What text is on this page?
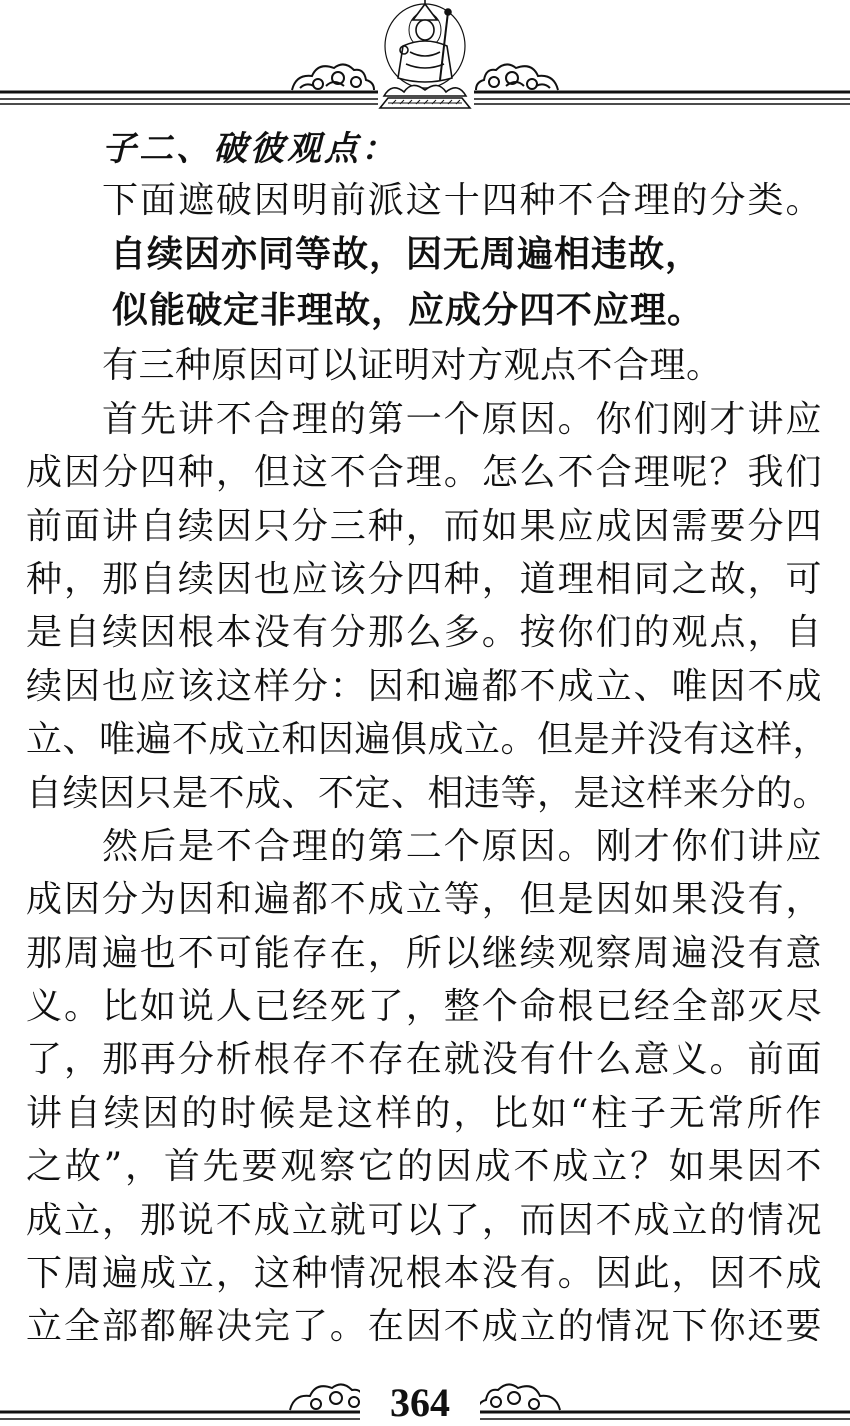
子二、破彼观点：
下面遮破因明前派这十四种不合理的分类。
自续因亦同等故，因无周遍相违故，
似能破定非理故，应成分四不应理。
有三种原因可以证明对方观点不合理。
首先讲不合理的第一个原因。你们刚才讲应
成因分四种，但这不合理。怎么不合理呢？我们
前面讲自续因只分三种，而如果应成因需要分四
种，那自续因也应该分四种，道理相同之故，可
是自续因根本没有分那么多。按你们的观点，自
续因也应该这样分：因和遍都不成立、唯因不成
立、唯遍不成立和因遍俱成立。但是并没有这样，
自续因只是不成、不定、相违等，是这样来分的。
然后是不合理的第二个原因。刚才你们讲应
成因分为因和遍都不成立等，但是因如果没有，
那周遍也不可能存在，所以继续观察周遍没有意
义。比如说人已经死了，整个命根已经全部灭尽
了，那再分析根存不存在就没有什么意义。前面
讲自续因的时候是这样的，比如“柱子无常所作
之故”，首先要观察它的因成不成立？如果因不
成立，那说不成立就可以了，而因不成立的情况
下周遍成立，这种情况根本没有。因此，因不成
立全部都解决完了。在因不成立的情况下你还要
364
